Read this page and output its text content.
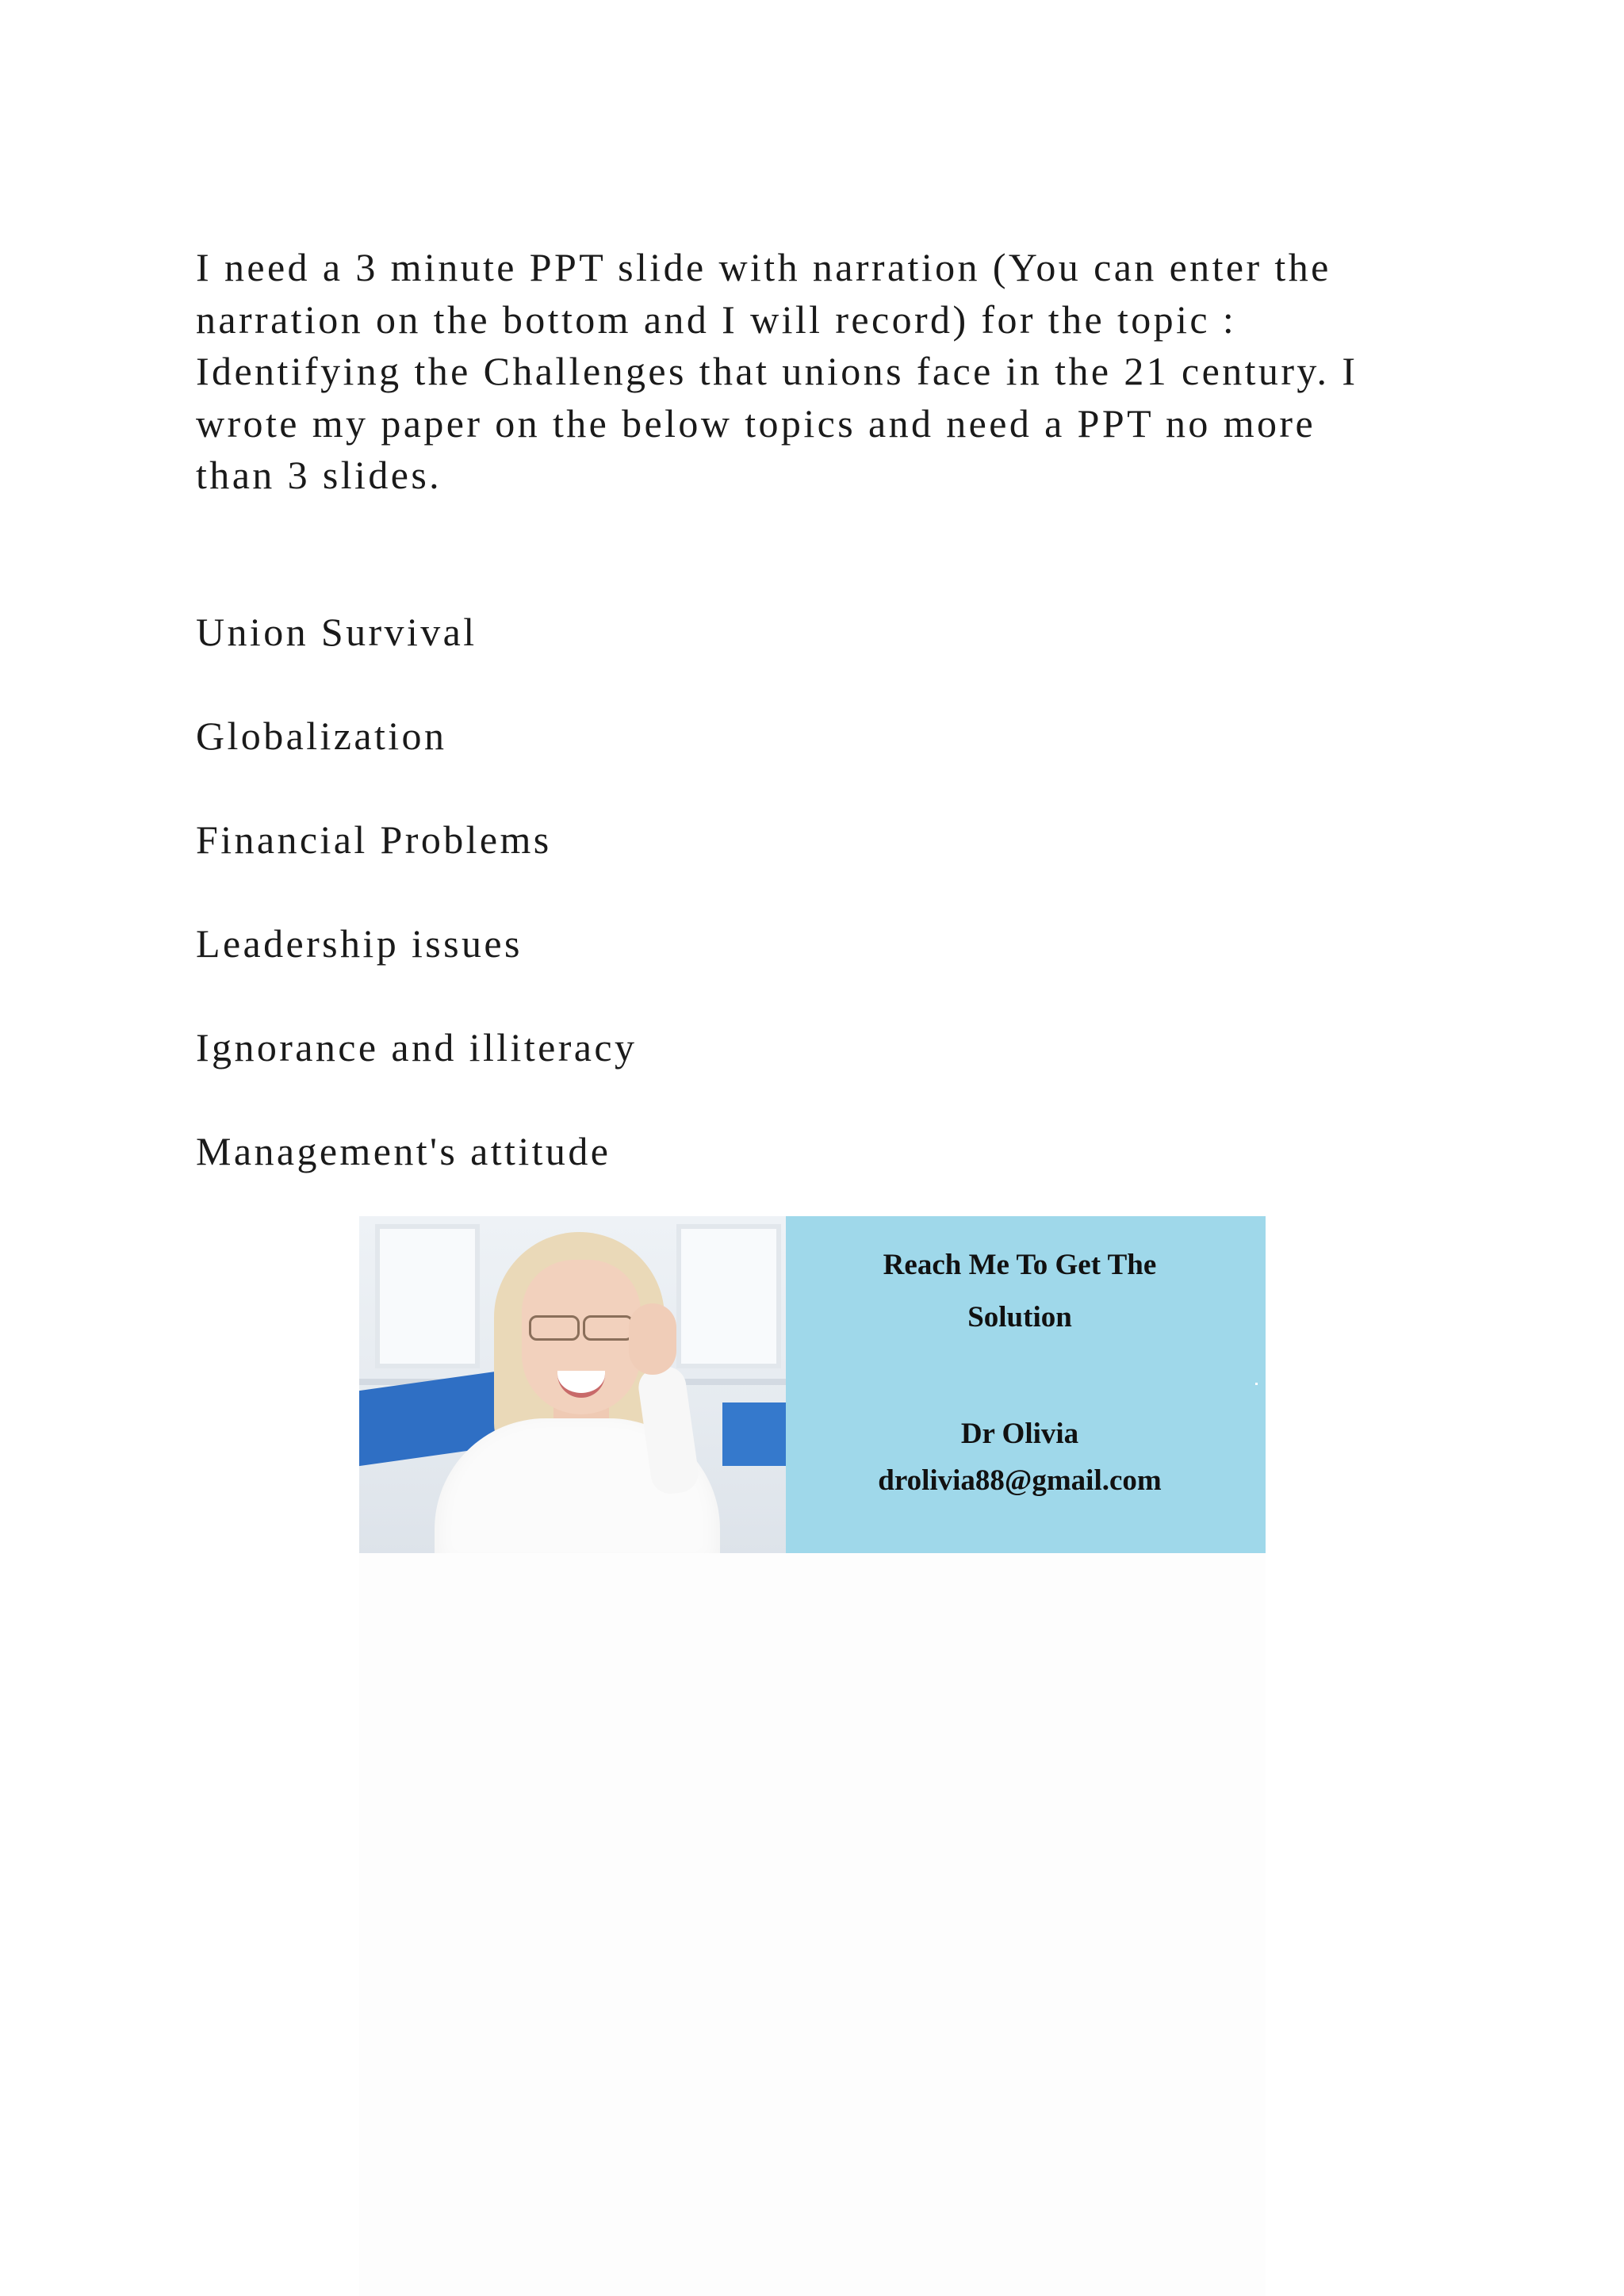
I need a 3 minute PPT slide with narration (You can enter the
narration on the bottom and I will record) for the topic :
Identifying the Challenges that unions face in the 21 century. I
wrote my paper on the below topics and need a PPT no more
than 3 slides.

Union Survival
Globalization
Financial Problems
Leadership issues
Ignorance and illiteracy
Management's attitude
Reach Me To Get The
Solution
Dr Olivia
drolivia88@gmail.com
